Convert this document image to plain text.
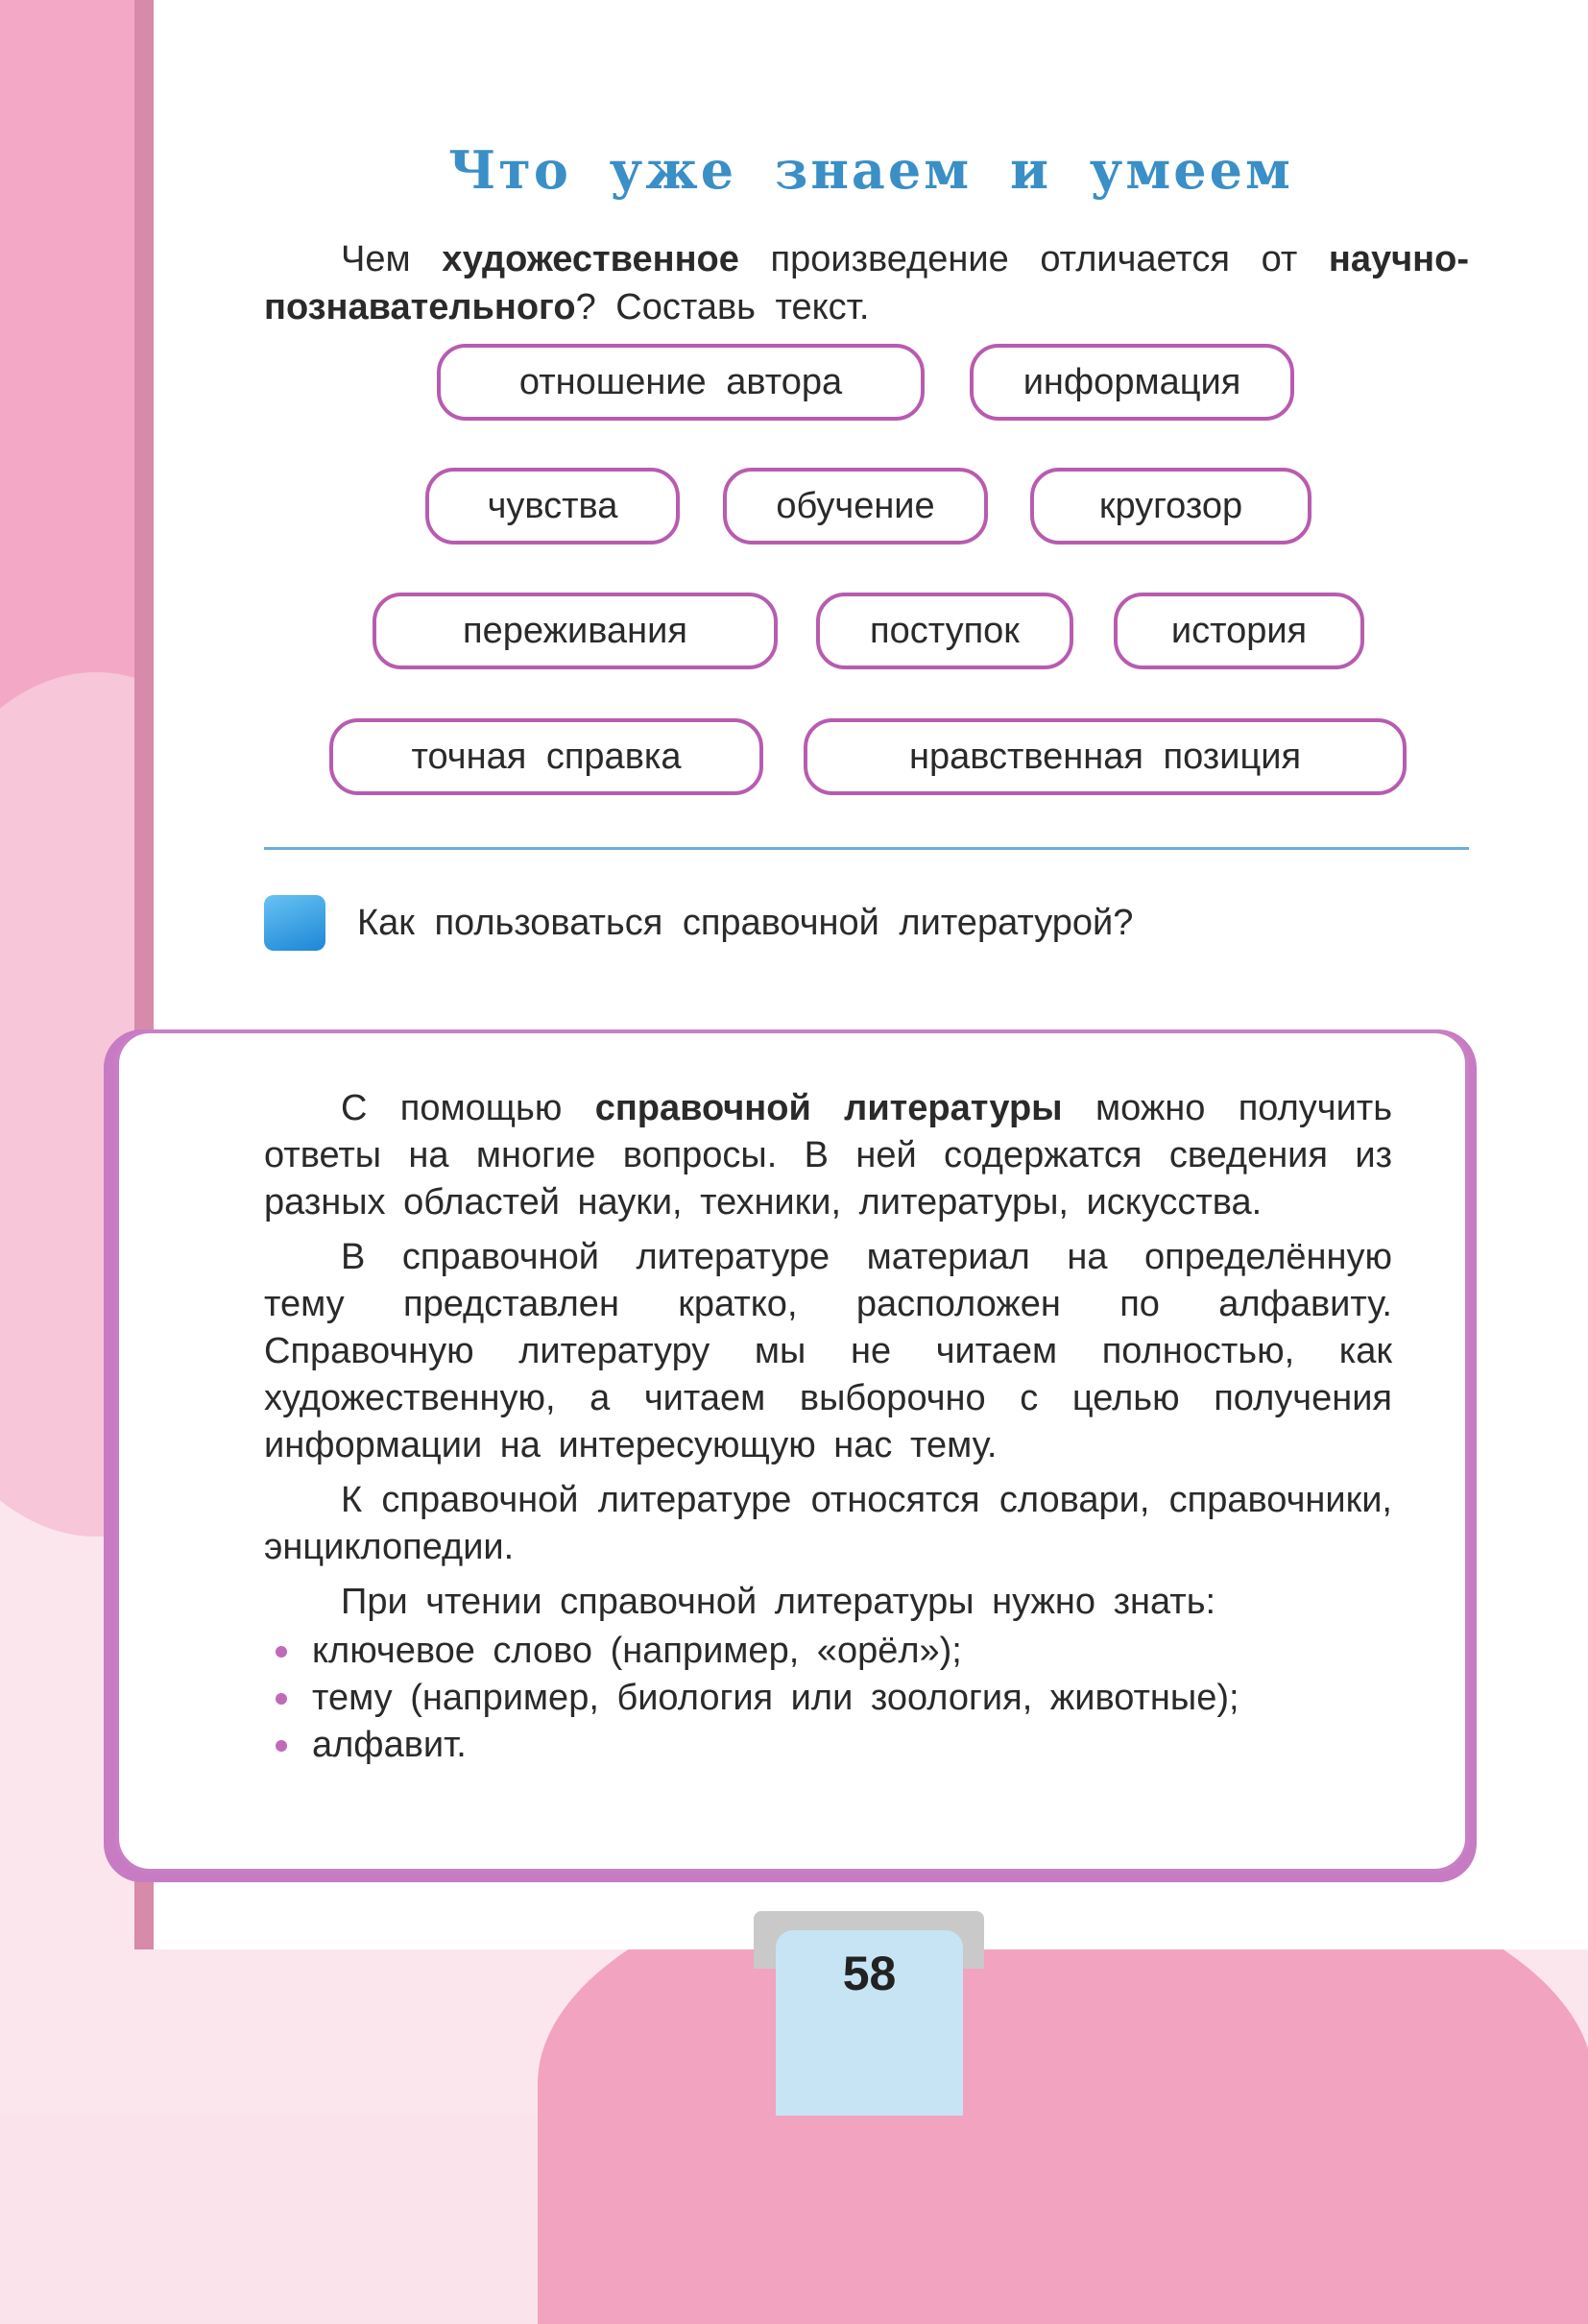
Что уже знаем и умеем
Чем художественное произведение отличается от научно-познавательного? Составь текст.
отношение автора	информация
чувства	обучение	кругозор
переживания	поступок	история
точная справка	нравственная позиция
Как пользоваться справочной литературой?

С помощью справочной литературы можно получить ответы на многие вопросы. В ней содержатся сведения из разных областей науки, техники, литературы, искусства.

В справочной литературе материал на определённую тему представлен кратко, расположен по алфавиту. Справочную литературу мы не читаем полностью, как художественную, а читаем выборочно с целью получения информации на интересующую нас тему.

К справочной литературе относятся словари, справочники, энциклопедии.

При чтении справочной литературы нужно знать:

ключевое слово (например, «орёл»);
тему (например, биология или зоология, животные);
алфавит.
58
